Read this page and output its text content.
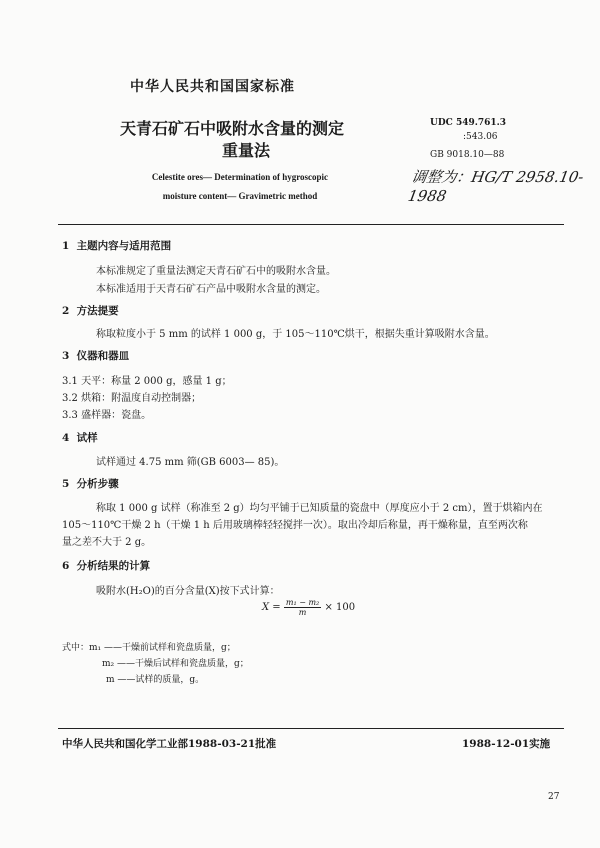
中华人民共和国国家标准
天青石矿石中吸附水含量的测定
重量法
Celestite ores— Determination of hygroscopic
moisture content— Gravimetric method
UDC 549.761.3
:543.06
GB 9018.10—88
调整为：HG/T 2958.10-1988
1 主题内容与适用范围
本标准规定了重量法测定天青石矿石中的吸附水含量。
本标准适用于天青石矿石产品中吸附水含量的测定。
2 方法提要
称取粒度小于 5 mm 的试样 1 000 g，于 105～110℃烘干，根据失重计算吸附水含量。
3 仪器和器皿
3.1 天平：称量 2 000 g，感量 1 g；
3.2 烘箱：附温度自动控制器；
3.3 盛样器：瓷盘。
4 试样
试样通过 4.75 mm 筛(GB 6003— 85)。
5 分析步骤
称取 1 000 g 试样（称准至 2 g）均匀平铺于已知质量的瓷盘中（厚度应小于 2 cm），置于烘箱内在
105～110℃干燥 2 h（干燥 1 h 后用玻璃棒轻轻搅拌一次）。取出冷却后称量，再干燥称量，直至两次称
量之差不大于 2 g。
6 分析结果的计算
吸附水(H₂O)的百分含量(X)按下式计算：
$X = \frac{\text{m₁ − m₂}}{m} \times 100$
式中：m₁ ——干燥前试样和瓷盘质量，g；
m₂ ——干燥后试样和瓷盘质量，g；
m ——试样的质量，g。
中华人民共和国化学工业部1988-03-21批准	1988-12-01实施
27
